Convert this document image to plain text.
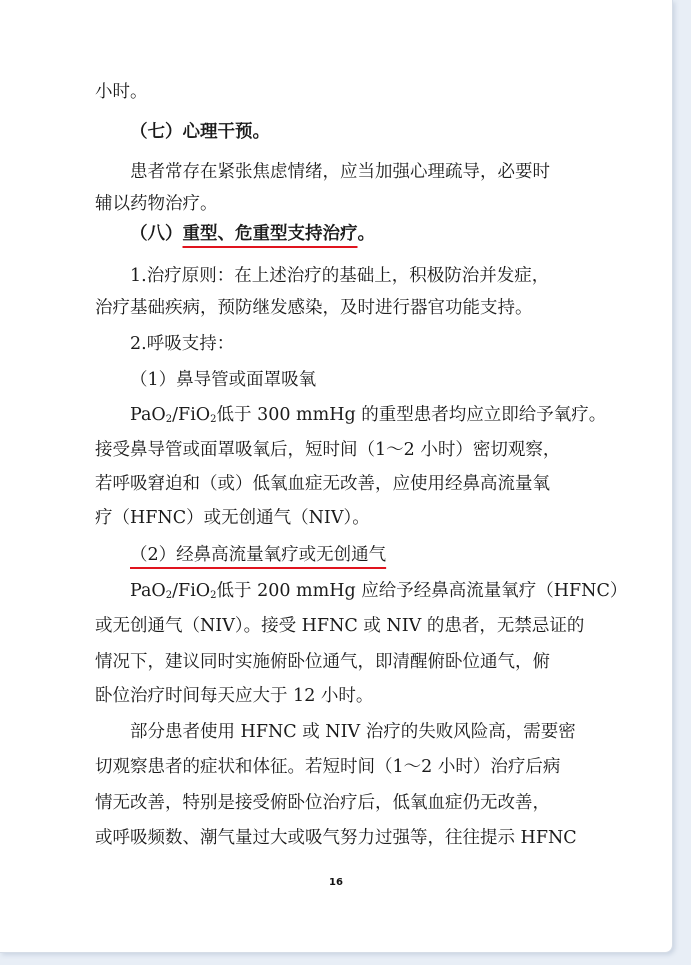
小时。
（七）心理干预。
患者常存在紧张焦虑情绪，应当加强心理疏导，必要时
辅以药物治疗。
（八）重型、危重型支持治疗。
1.治疗原则：在上述治疗的基础上，积极防治并发症，
治疗基础疾病，预防继发感染，及时进行器官功能支持。
2.呼吸支持：
（1）鼻导管或面罩吸氧
PaO$_2$/FiO$_2$低于 300 mmHg 的重型患者均应立即给予氧疗。
接受鼻导管或面罩吸氧后，短时间（1～2 小时）密切观察，
若呼吸窘迫和（或）低氧血症无改善，应使用经鼻高流量氧
疗（HFNC）或无创通气（NIV）。
（2）经鼻高流量氧疗或无创通气
PaO$_2$/FiO$_2$低于 200 mmHg 应给予经鼻高流量氧疗（HFNC）
或无创通气（NIV）。接受 HFNC 或 NIV 的患者，无禁忌证的
情况下，建议同时实施俯卧位通气，即清醒俯卧位通气，俯
卧位治疗时间每天应大于 12 小时。
部分患者使用 HFNC 或 NIV 治疗的失败风险高，需要密
切观察患者的症状和体征。若短时间（1～2 小时）治疗后病
情无改善，特别是接受俯卧位治疗后，低氧血症仍无改善，
或呼吸频数、潮气量过大或吸气努力过强等，往往提示 HFNC
16
